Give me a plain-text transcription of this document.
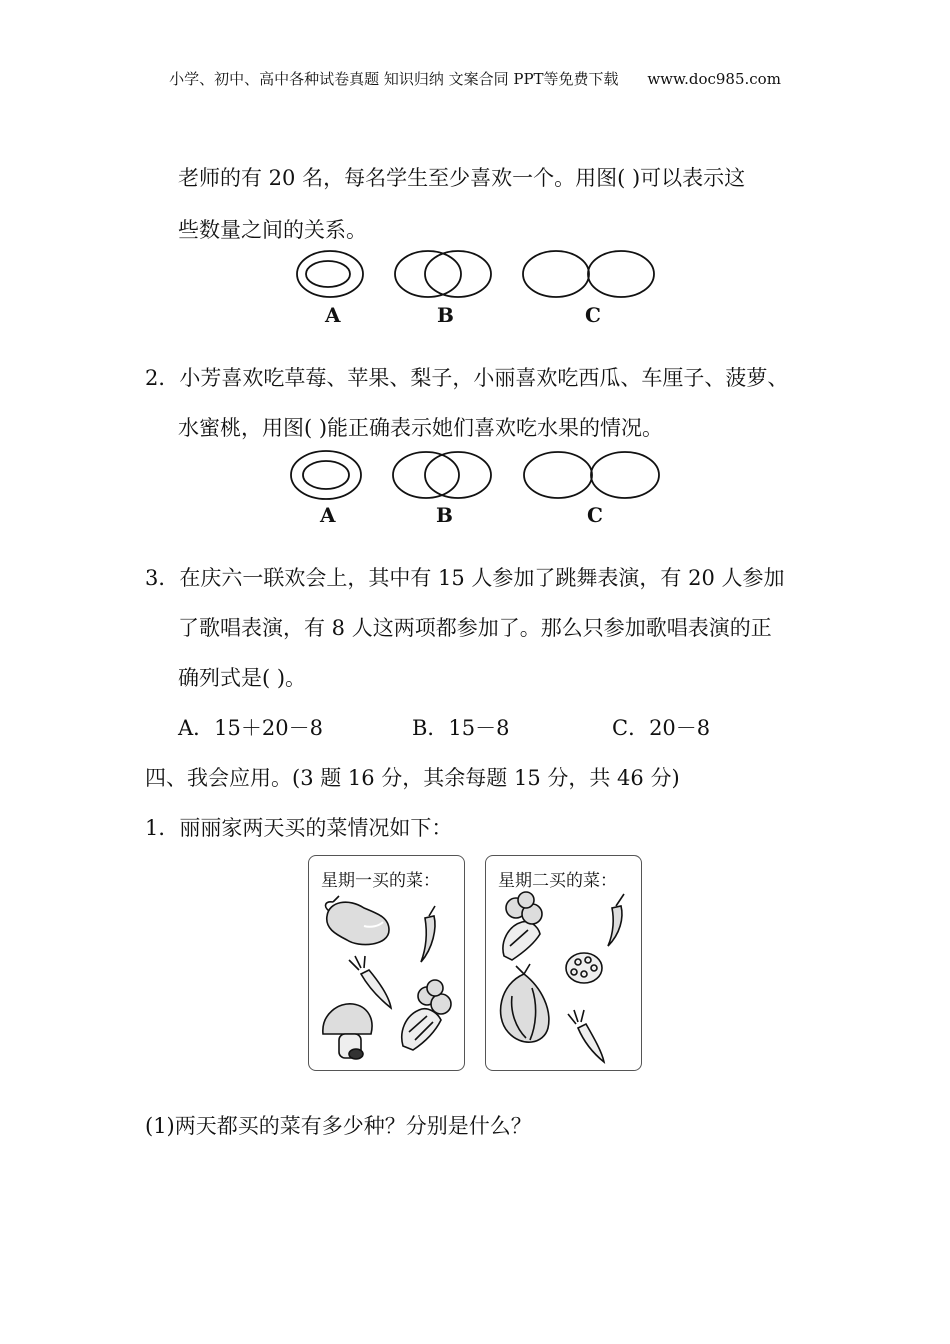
小学、初中、高中各种试卷真题 知识归纳 文案合同 PPT等免费下载 www.doc985.com
老师的有 20 名，每名学生至少喜欢一个。用图( )可以表示这
些数量之间的关系。
A	B	C
2．小芳喜欢吃草莓、苹果、梨子，小丽喜欢吃西瓜、车厘子、菠萝、
水蜜桃，用图( )能正确表示她们喜欢吃水果的情况。
A	B	C
3．在庆六一联欢会上，其中有 15 人参加了跳舞表演，有 20 人参加
了歌唱表演，有 8 人这两项都参加了。那么只参加歌唱表演的正
确列式是( )。
A．15＋20－8	B．15－8	C．20－8
四、我会应用。(3 题 16 分，其余每题 15 分，共 46 分)
1．丽丽家两天买的菜情况如下：
星期一买的菜：	星期二买的菜：
(1)两天都买的菜有多少种？分别是什么？
